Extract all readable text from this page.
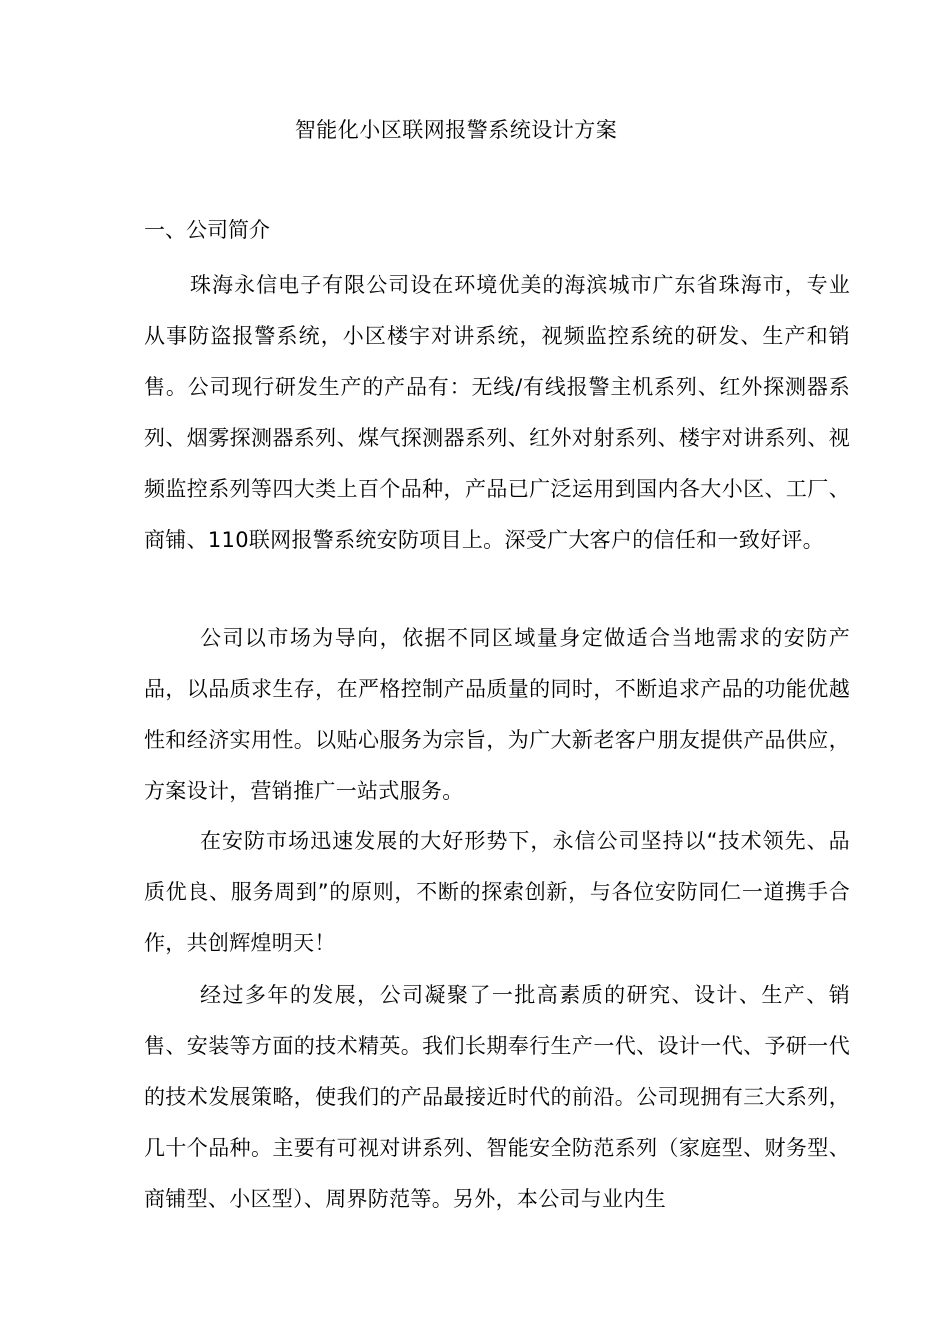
智能化小区联网报警系统设计方案
一、公司简介

珠海永信电子有限公司设在环境优美的海滨城市广东省珠海市，专业从事防盗报警系统，小区楼宇对讲系统，视频监控系统的研发、生产和销售。公司现行研发生产的产品有：无线/有线报警主机系列、红外探测器系列、烟雾探测器系列、煤气探测器系列、红外对射系列、楼宇对讲系列、视频监控系列等四大类上百个品种，产品已广泛运用到国内各大小区、工厂、商铺、110联网报警系统安防项目上。深受广大客户的信任和一致好评。

公司以市场为导向，依据不同区域量身定做适合当地需求的安防产品，以品质求生存，在严格控制产品质量的同时，不断追求产品的功能优越性和经济实用性。以贴心服务为宗旨，为广大新老客户朋友提供产品供应，方案设计，营销推广一站式服务。

在安防市场迅速发展的大好形势下，永信公司坚持以“技术领先、品质优良、服务周到”的原则，不断的探索创新，与各位安防同仁一道携手合作，共创辉煌明天！

经过多年的发展，公司凝聚了一批高素质的研究、设计、生产、销售、安装等方面的技术精英。我们长期奉行生产一代、设计一代、予研一代的技术发展策略，使我们的产品最接近时代的前沿。公司现拥有三大系列，几十个品种。主要有可视对讲系列、智能安全防范系列（家庭型、财务型、商铺型、小区型）、周界防范等。另外，本公司与业内生
